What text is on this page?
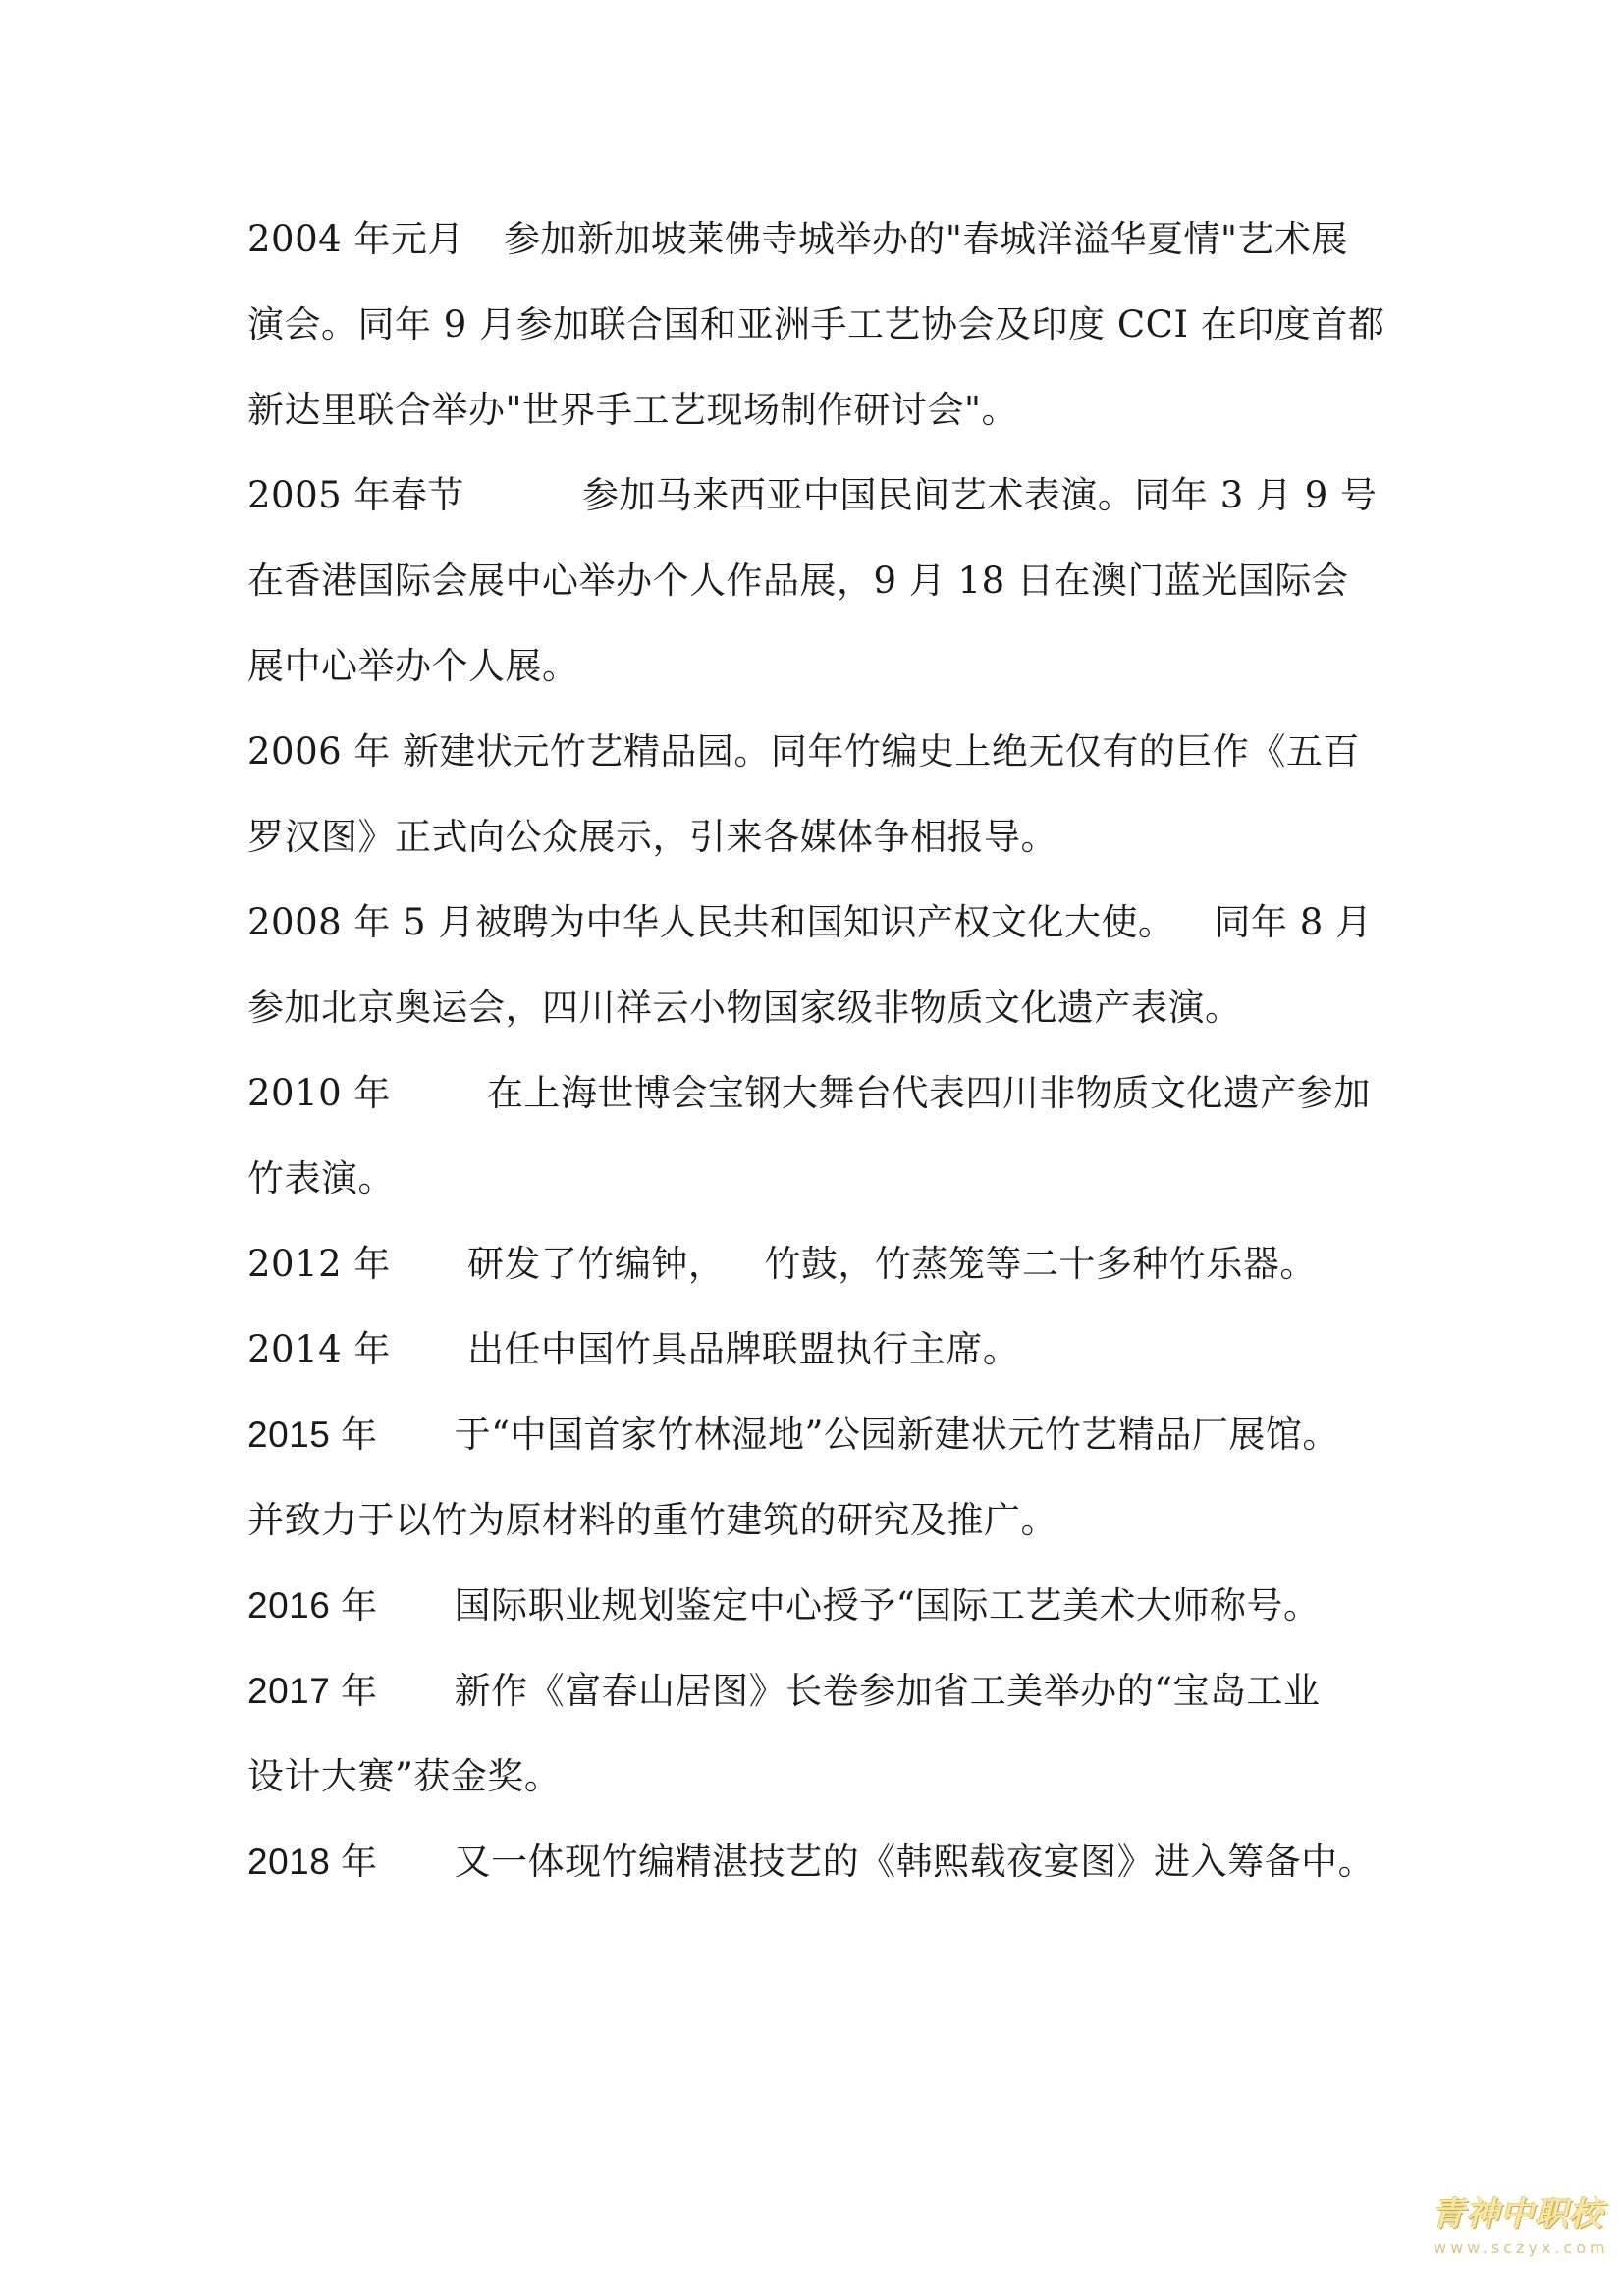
2004 年元月 参加新加坡莱佛寺城举办的"春城洋溢华夏情"艺术展
演会。同年 9 月参加联合国和亚洲手工艺协会及印度 CCI 在印度首都
新达里联合举办"世界手工艺现场制作研讨会"。
2005 年春节	参加马来西亚中国民间艺术表演。同年 3 月 9 号
在香港国际会展中心举办个人作品展，9 月 18 日在澳门蓝光国际会
展中心举办个人展。
2006 年 新建状元竹艺精品园。同年竹编史上绝无仅有的巨作《五百
罗汉图》正式向公众展示，引来各媒体争相报导。
2008 年 5 月被聘为中华人民共和国知识产权文化大使。 同年 8 月
参加北京奥运会，四川祥云小物国家级非物质文化遗产表演。
2010 年	在上海世博会宝钢大舞台代表四川非物质文化遗产参加
竹表演。
2012 年 研发了竹编钟， 竹鼓，竹蒸笼等二十多种竹乐器。
2014 年 出任中国竹具品牌联盟执行主席。
2015 年 于“中国首家竹林湿地”公园新建状元竹艺精品厂展馆。
并致力于以竹为原材料的重竹建筑的研究及推广。
2016 年 国际职业规划鉴定中心授予“国际工艺美术大师称号。
2017 年 新作《富春山居图》长卷参加省工美举办的“宝岛工业
设计大赛”获金奖。
2018 年 又一体现竹编精湛技艺的《韩熙载夜宴图》进入筹备中。
青神中职校
www.sczyx.com
